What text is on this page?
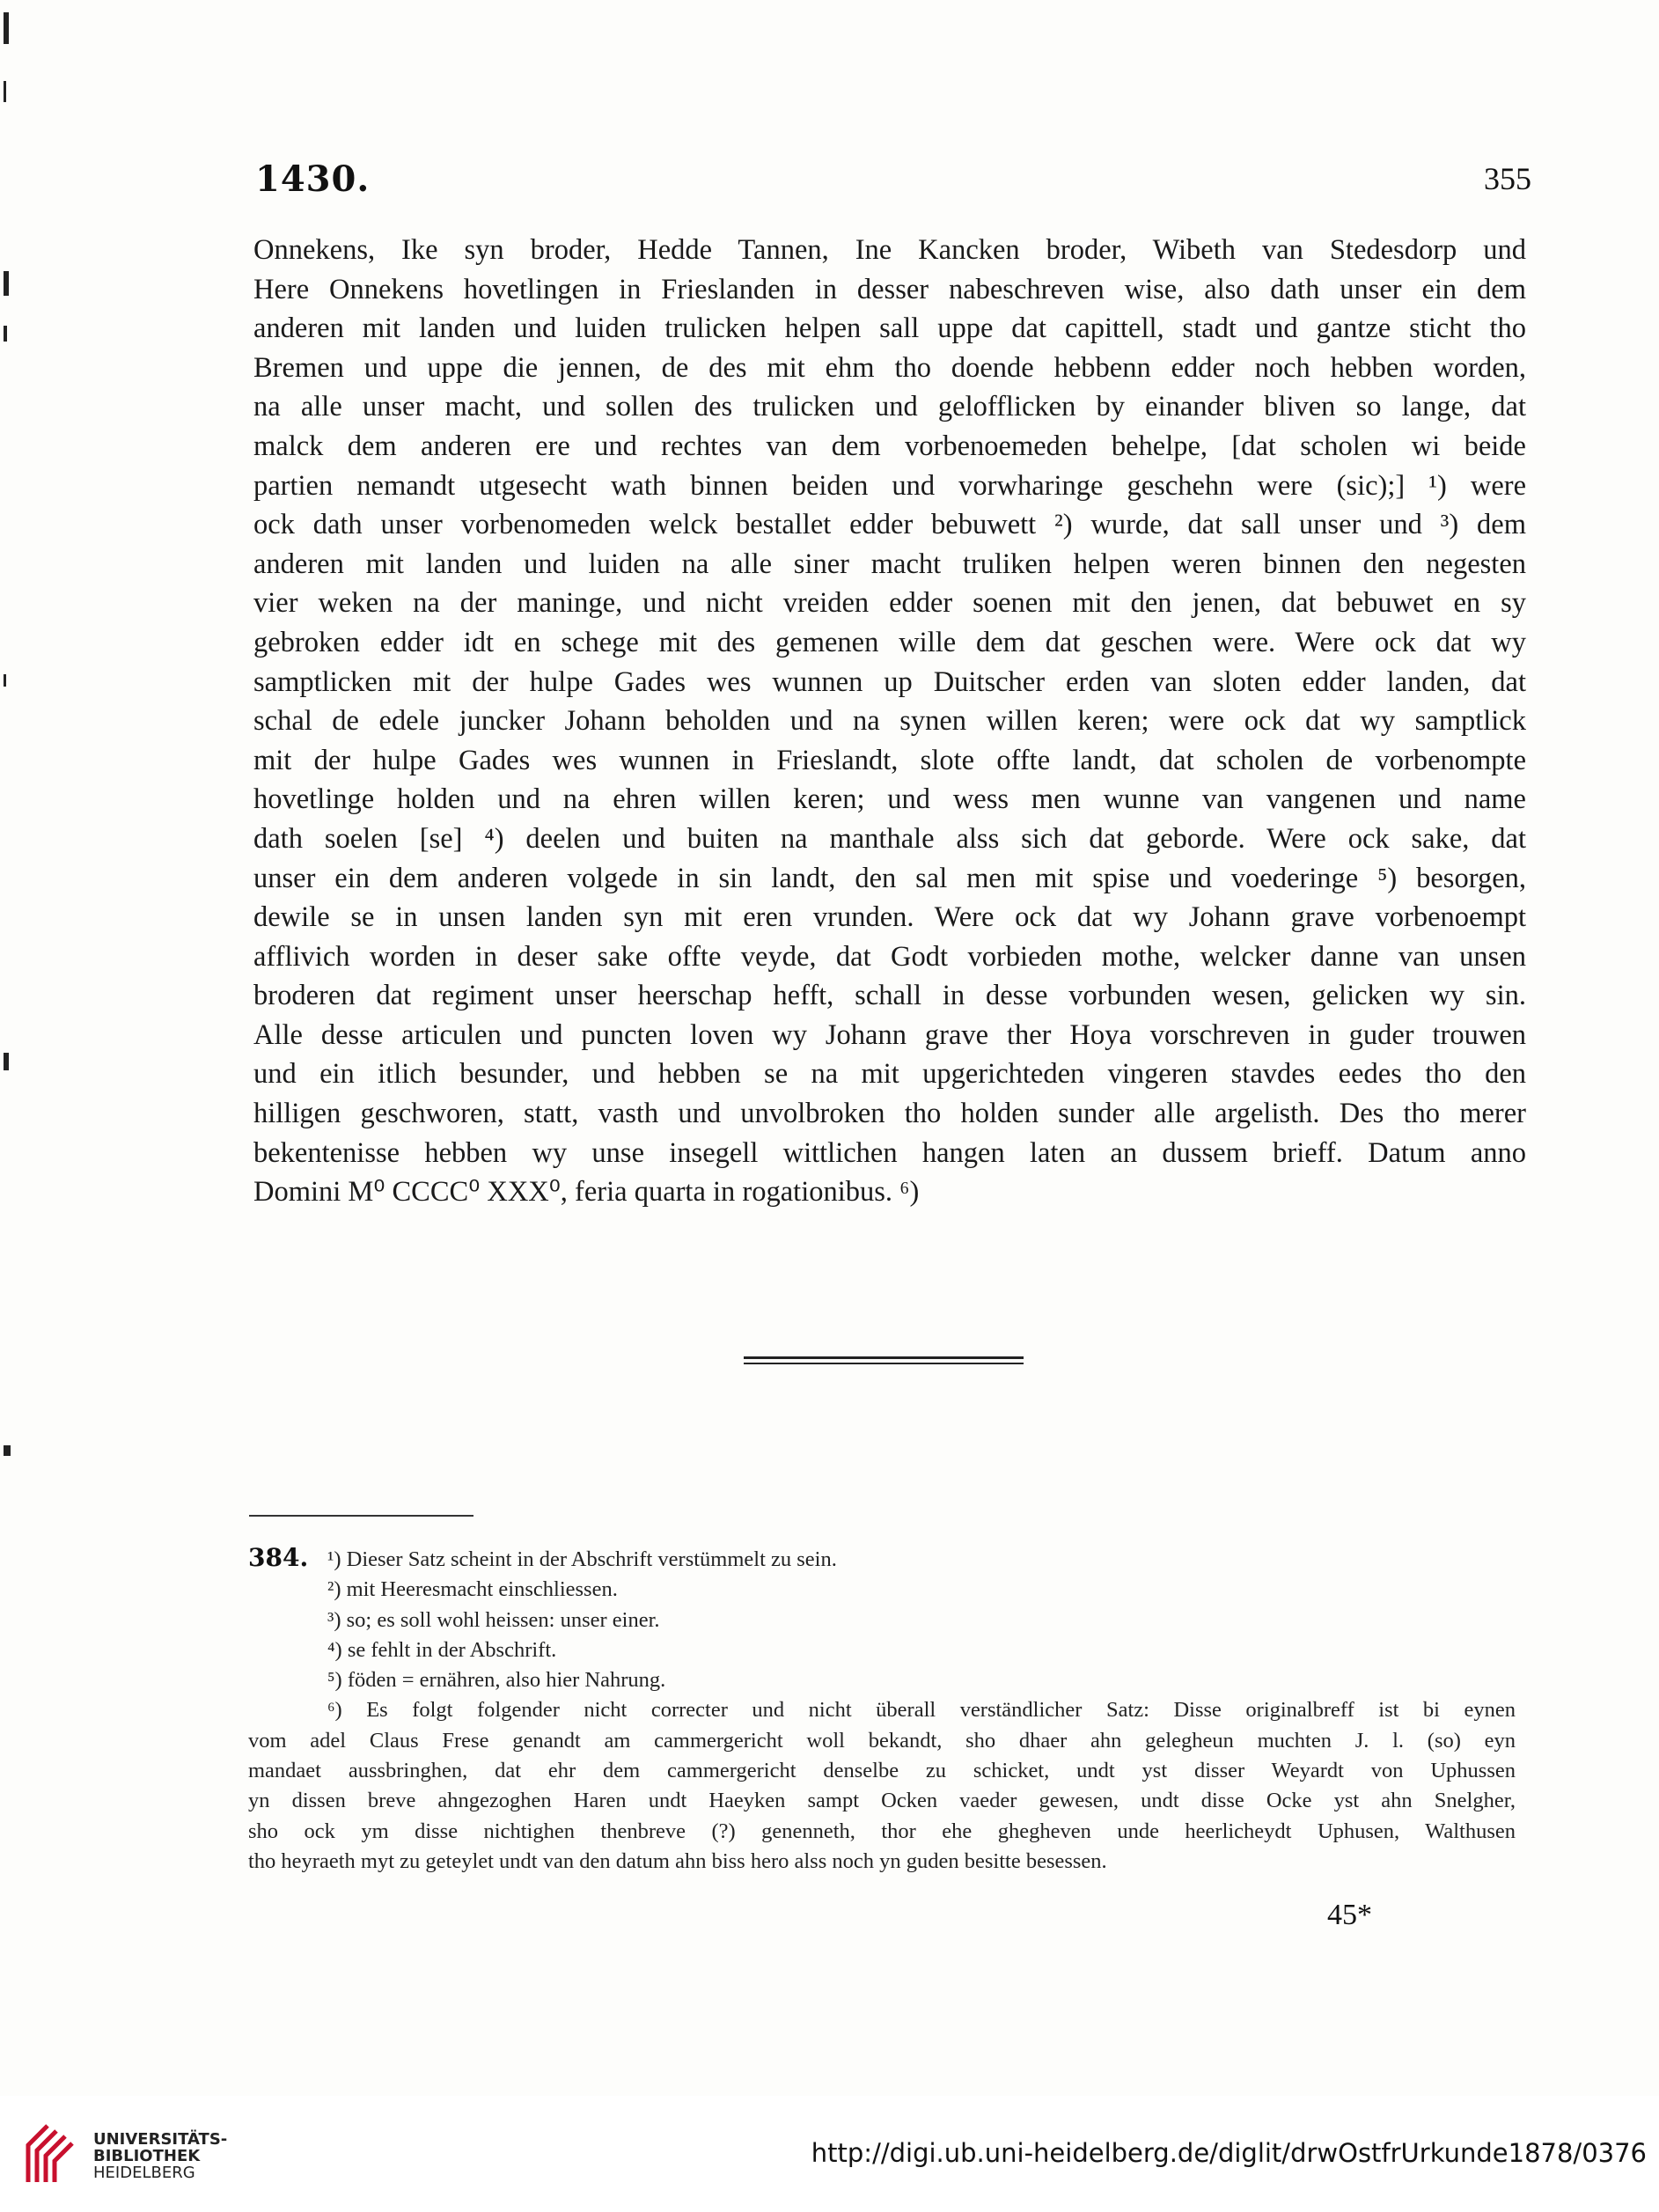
1430.	355
Onnekens, Ike syn broder, Hedde Tannen, Ine Kancken broder, Wibeth van Stedesdorp und
Here Onnekens hovetlingen in Frieslanden in desser nabeschreven wise, also dath unser ein dem
anderen mit landen und luiden trulicken helpen sall uppe dat capittell, stadt und gantze sticht tho
Bremen und uppe die jennen, de des mit ehm tho doende hebbenn edder noch hebben worden,
na alle unser macht, und sollen des trulicken und gelofflicken by einander bliven so lange, dat
malck dem anderen ere und rechtes van dem vorbenoemeden behelpe, [dat scholen wi beide
partien nemandt utgesecht wath binnen beiden und vorwharinge geschehn were (sic);] ¹) were
ock dath unser vorbenomeden welck bestallet edder bebuwett ²) wurde, dat sall unser und ³) dem
anderen mit landen und luiden na alle siner macht truliken helpen weren binnen den negesten
vier weken na der maninge, und nicht vreiden edder soenen mit den jenen, dat bebuwet en sy
gebroken edder idt en schege mit des gemenen wille dem dat geschen were. Were ock dat wy
samptlicken mit der hulpe Gades wes wunnen up Duitscher erden van sloten edder landen, dat
schal de edele juncker Johann beholden und na synen willen keren; were ock dat wy samptlick
mit der hulpe Gades wes wunnen in Frieslandt, slote offte landt, dat scholen de vorbenompte
hovetlinge holden und na ehren willen keren; und wess men wunne van vangenen und name
dath soelen [se] ⁴) deelen und buiten na manthale alss sich dat geborde. Were ock sake, dat
unser ein dem anderen volgede in sin landt, den sal men mit spise und voederinge ⁵) besorgen,
dewile se in unsen landen syn mit eren vrunden. Were ock dat wy Johann grave vorbenoempt
afflivich worden in deser sake offte veyde, dat Godt vorbieden mothe, welcker danne van unsen
broderen dat regiment unser heerschap hefft, schall in desse vorbunden wesen, gelicken wy sin.
Alle desse articulen und puncten loven wy Johann grave ther Hoya vorschreven in guder trouwen
und ein itlich besunder, und hebben se na mit upgerichteden vingeren stavdes eedes tho den
hilligen geschworen, statt, vasth und unvolbroken tho holden sunder alle argelisth. Des tho merer
bekentenisse hebben wy unse insegell wittlichen hangen laten an dussem brieff. Datum anno
Domini M⁰ CCCC⁰ XXX⁰, feria quarta in rogationibus. ⁶)
384. ¹) Dieser Satz scheint in der Abschrift verstümmelt zu sein.
²) mit Heeresmacht einschliessen.
³) so; es soll wohl heissen: unser einer.
⁴) se fehlt in der Abschrift.
⁵) föden = ernähren, also hier Nahrung.
⁶) Es folgt folgender nicht correcter und nicht überall verständlicher Satz: Disse originalbreff ist bi eynen
vom adel Claus Frese genandt am cammergericht woll bekandt, sho dhaer ahn gelegheun muchten J. l. (so) eyn
mandaet aussbringhen, dat ehr dem cammergericht denselbe zu schicket, undt yst disser Weyardt von Uphussen
yn dissen breve ahngezoghen Haren undt Haeyken sampt Ocken vaeder gewesen, undt disse Ocke yst ahn Snelgher,
sho ock ym disse nichtighen thenbreve (?) genenneth, thor ehe ghegheven unde heerlicheydt Uphusen, Walthusen
tho heyraeth myt zu geteylet undt van den datum ahn biss hero alss noch yn guden besitte besessen.
45*
UNIVERSITÄTS-
BIBLIOTHEK
HEIDELBERG
http://digi.ub.uni-heidelberg.de/diglit/drwOstfrUrkunde1878/0376
